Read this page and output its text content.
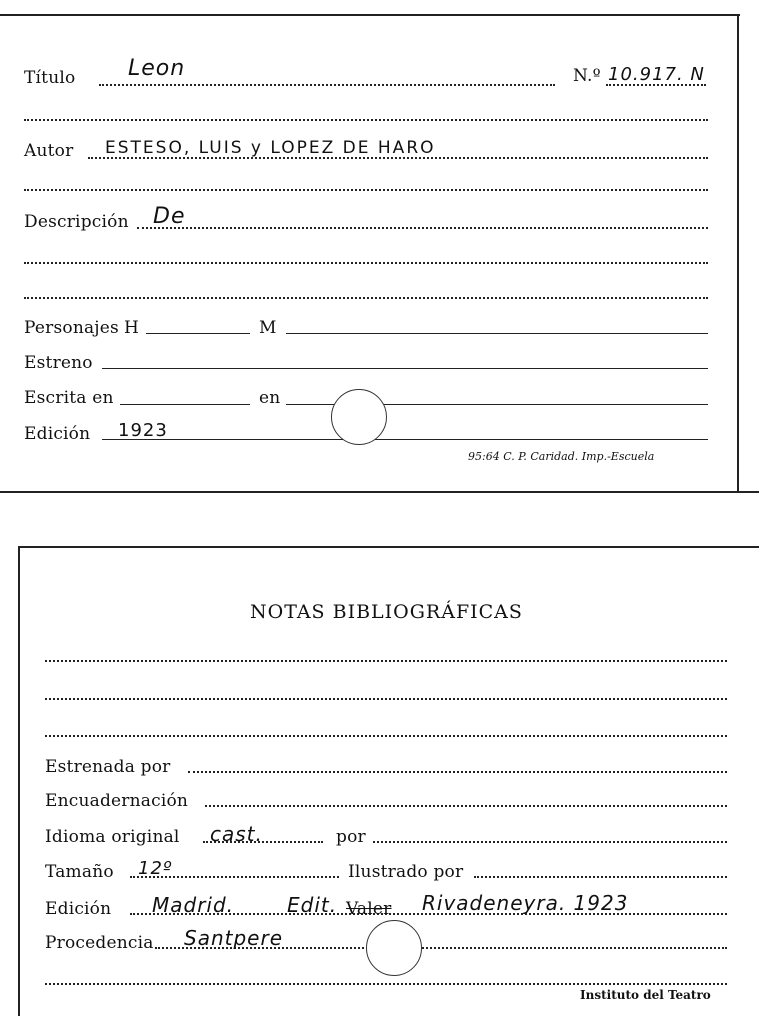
Título Leon	N.º 10.917. N
Autor ESTESO, LUIS y LOPEZ DE HARO
Descripción De
Personajes H	M
Estreno
Escrita en	en
Edición 1923
95:64 C. P. Caridad. Imp.-Escuela
NOTAS BIBLIOGRÁFICAS
Estrenada por
Encuadernación
Idioma original cast.	por
Tamaño 12º	Ilustrado por
Edición Madrid.	Edit. Valer Rivadeneyra. 1923
Procedencia Santpere
Instituto del Teatro
